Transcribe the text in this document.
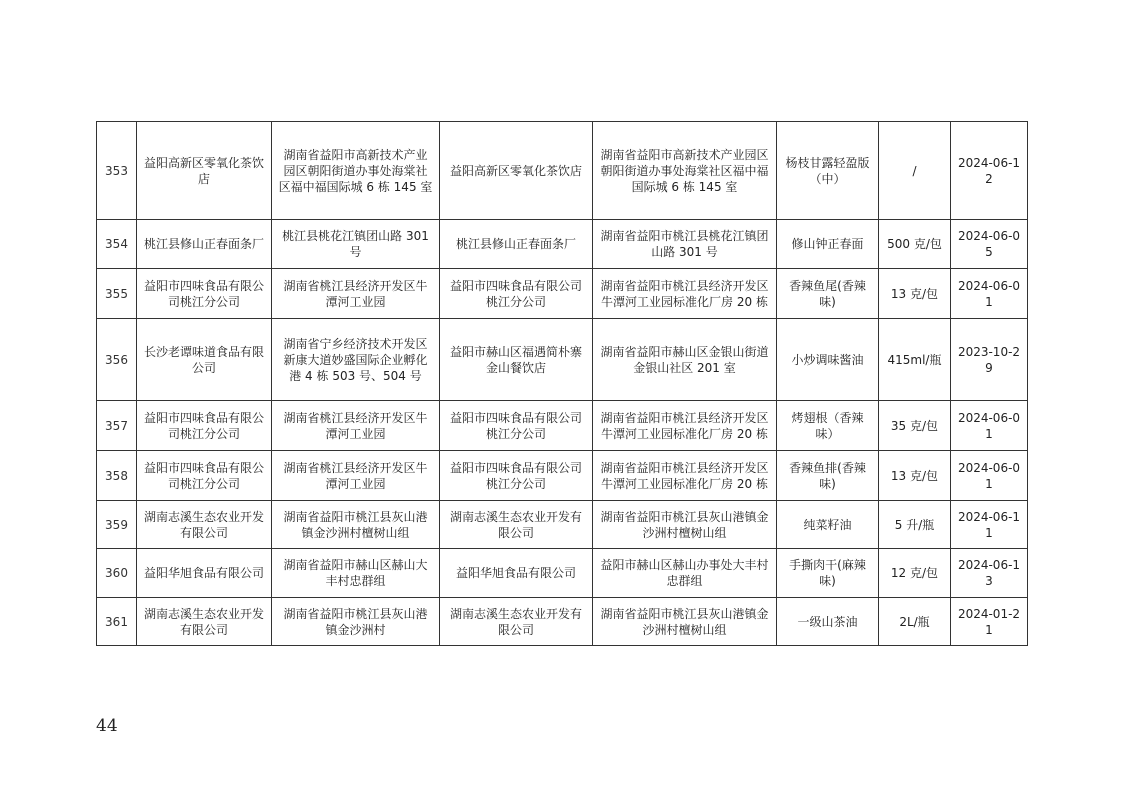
353	益阳高新区零氧化茶饮店	湖南省益阳市高新技术产业园区朝阳街道办事处海棠社区福中福国际城 6 栋 145 室	益阳高新区零氧化茶饮店	湖南省益阳市高新技术产业园区朝阳街道办事处海棠社区福中福国际城 6 栋 145 室	杨枝甘露轻盈版（中）	/	2024-06-12
354	桃江县修山正春面条厂	桃江县桃花江镇团山路 301 号	桃江县修山正春面条厂	湖南省益阳市桃江县桃花江镇团山路 301 号	修山钟正春面	500 克/包	2024-06-05
355	益阳市四味食品有限公司桃江分公司	湖南省桃江县经济开发区牛潭河工业园	益阳市四味食品有限公司桃江分公司	湖南省益阳市桃江县经济开发区牛潭河工业园标准化厂房 20 栋	香辣鱼尾(香辣味)	13 克/包	2024-06-01
356	长沙老谭味道食品有限公司	湖南省宁乡经济技术开发区新康大道妙盛国际企业孵化港 4 栋 503 号、504 号	益阳市赫山区福遇简朴寨金山餐饮店	湖南省益阳市赫山区金银山街道金银山社区 201 室	小炒调味酱油	415ml/瓶	2023-10-29
357	益阳市四味食品有限公司桃江分公司	湖南省桃江县经济开发区牛潭河工业园	益阳市四味食品有限公司桃江分公司	湖南省益阳市桃江县经济开发区牛潭河工业园标准化厂房 20 栋	烤翅根（香辣味）	35 克/包	2024-06-01
358	益阳市四味食品有限公司桃江分公司	湖南省桃江县经济开发区牛潭河工业园	益阳市四味食品有限公司桃江分公司	湖南省益阳市桃江县经济开发区牛潭河工业园标准化厂房 20 栋	香辣鱼排(香辣味)	13 克/包	2024-06-01
359	湖南志溪生态农业开发有限公司	湖南省益阳市桃江县灰山港镇金沙洲村檀树山组	湖南志溪生态农业开发有限公司	湖南省益阳市桃江县灰山港镇金沙洲村檀树山组	纯菜籽油	5 升/瓶	2024-06-11
360	益阳华旭食品有限公司	湖南省益阳市赫山区赫山大丰村忠群组	益阳华旭食品有限公司	益阳市赫山区赫山办事处大丰村忠群组	手撕肉干(麻辣味)	12 克/包	2024-06-13
361	湖南志溪生态农业开发有限公司	湖南省益阳市桃江县灰山港镇金沙洲村	湖南志溪生态农业开发有限公司	湖南省益阳市桃江县灰山港镇金沙洲村檀树山组	一级山茶油	2L/瓶	2024-01-21
44
